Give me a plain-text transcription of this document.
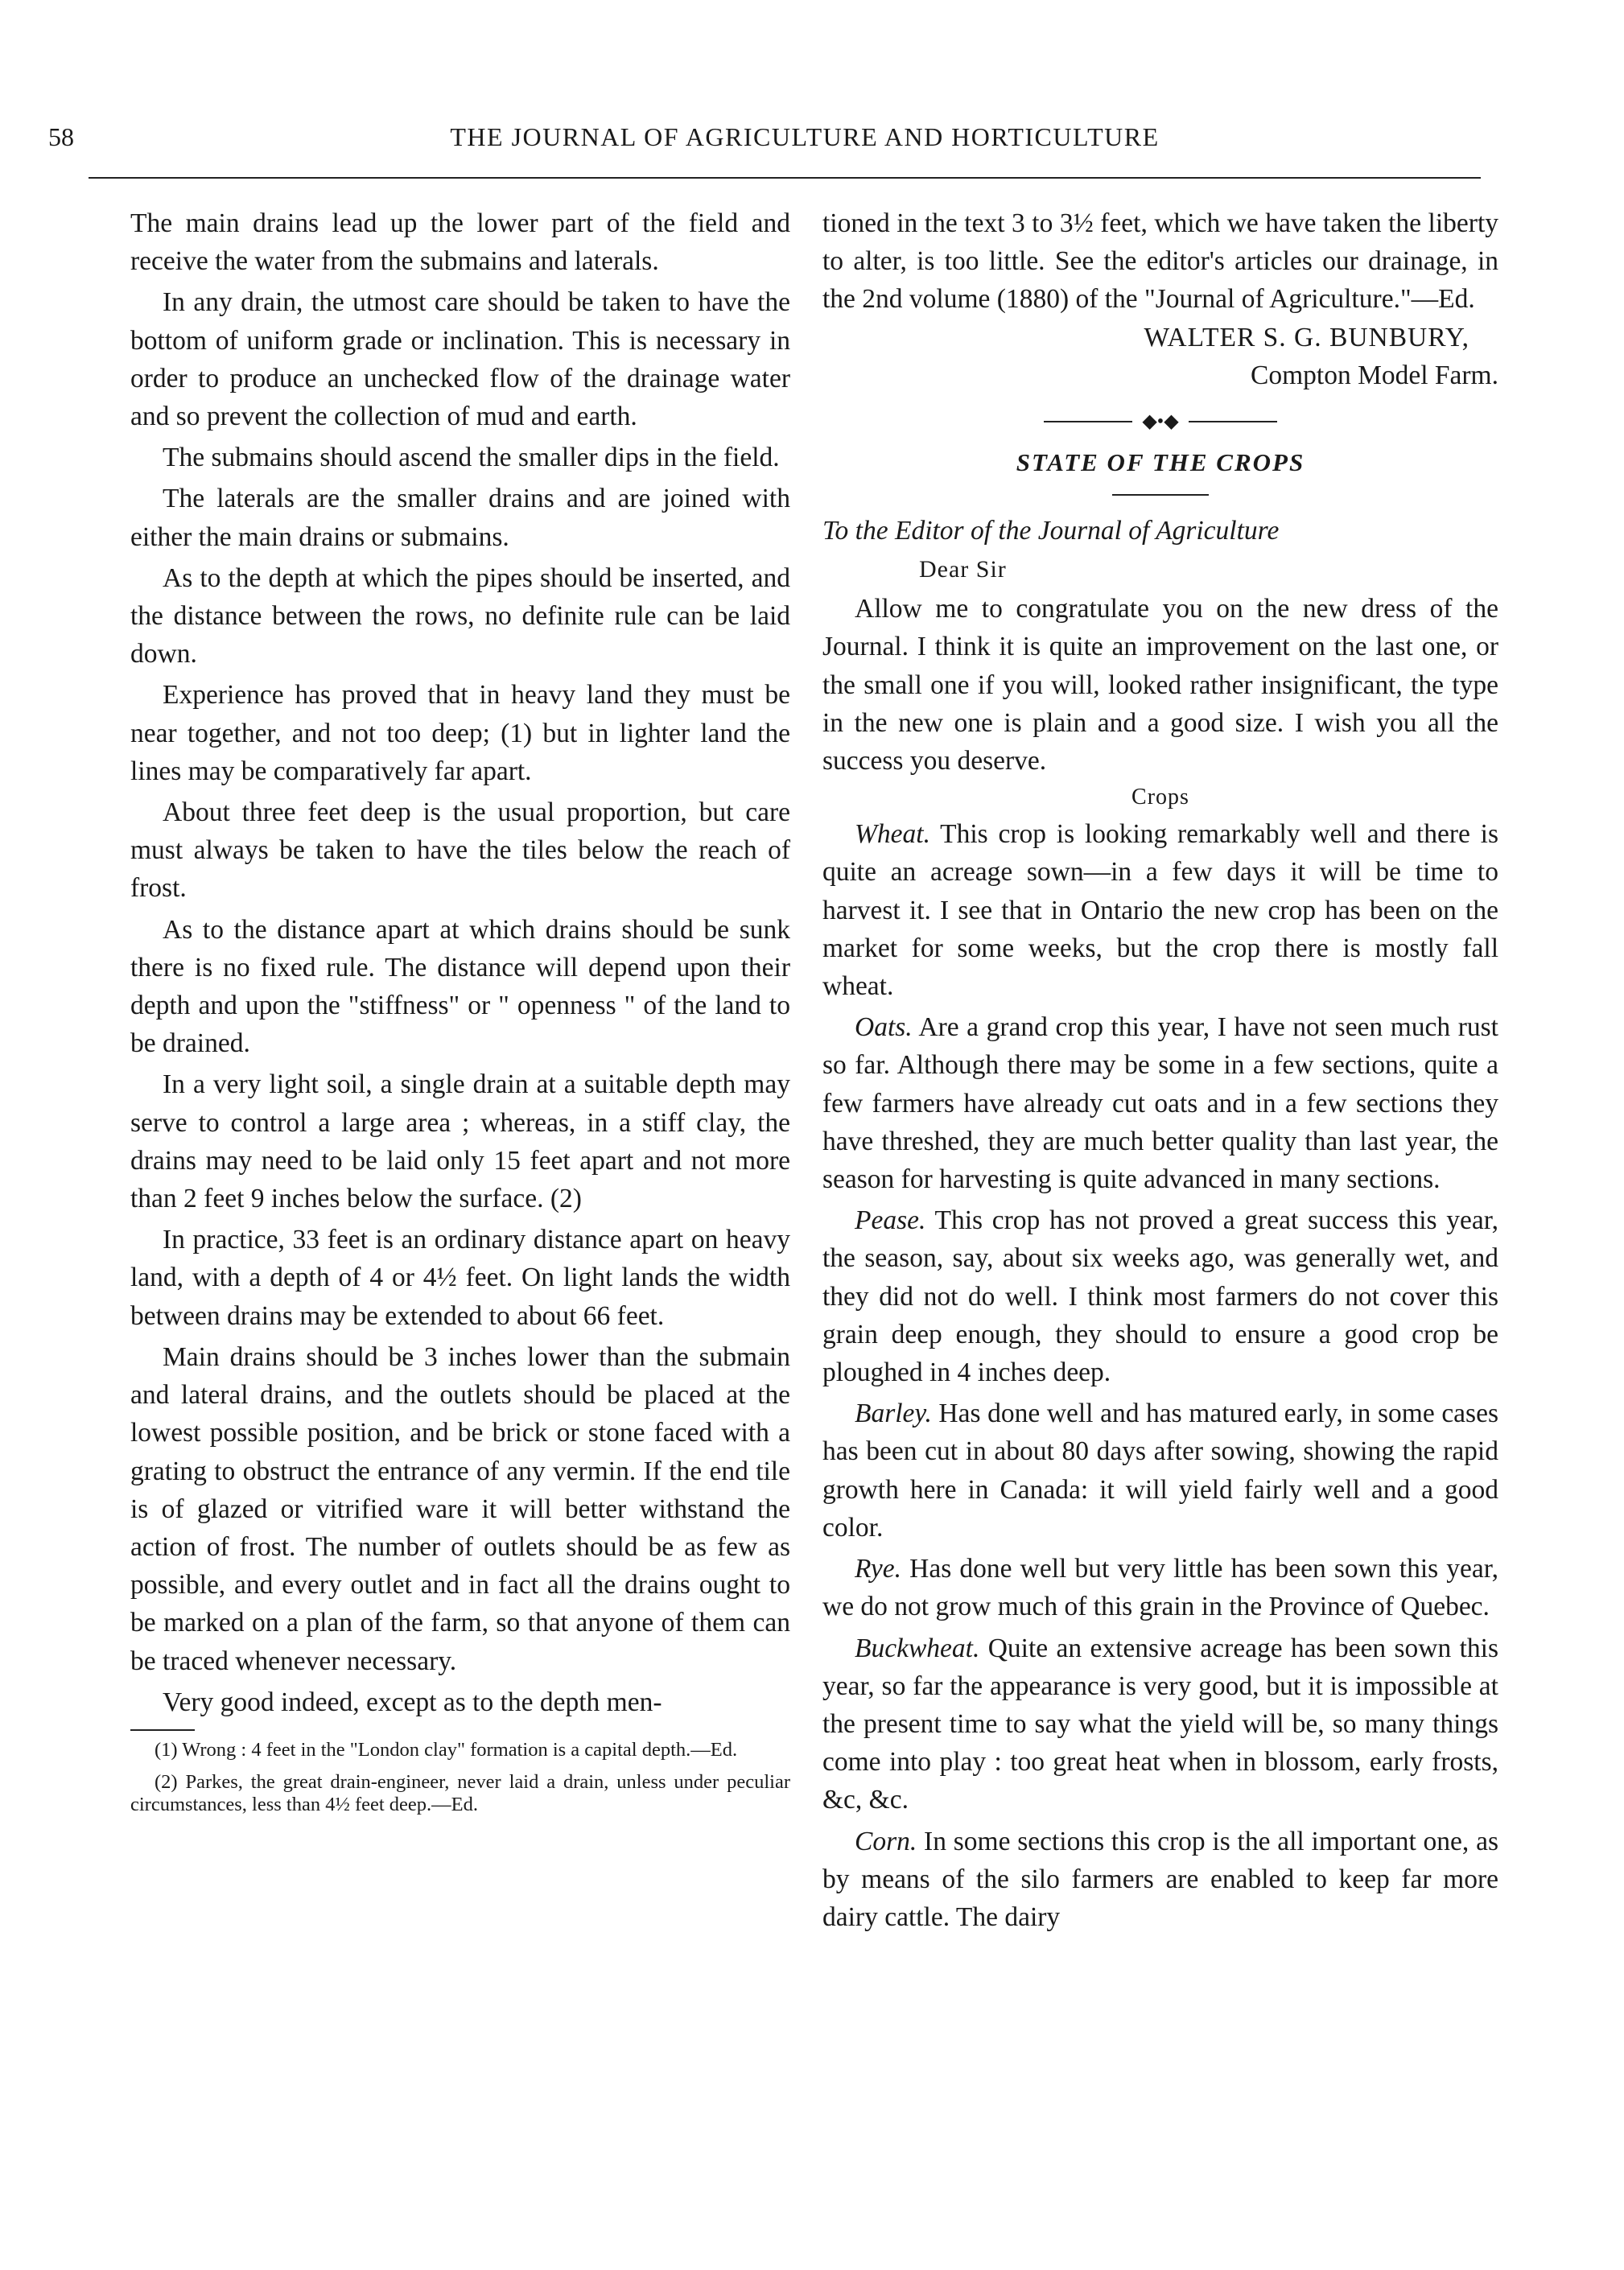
58	THE JOURNAL OF AGRICULTURE AND HORTICULTURE

The main drains lead up the lower part of the field and receive the water from the submains and laterals.

In any drain, the utmost care should be taken to have the bottom of uniform grade or inclination. This is necessary in order to produce an unchecked flow of the drainage water and so prevent the collection of mud and earth.

The submains should ascend the smaller dips in the field.

The laterals are the smaller drains and are joined with either the main drains or submains.

As to the depth at which the pipes should be inserted, and the distance between the rows, no definite rule can be laid down.

Experience has proved that in heavy land they must be near together, and not too deep; (1) but in lighter land the lines may be comparatively far apart.

About three feet deep is the usual proportion, but care must always be taken to have the tiles below the reach of frost.

As to the distance apart at which drains should be sunk there is no fixed rule. The distance will depend upon their depth and upon the "stiffness" or " openness " of the land to be drained.

In a very light soil, a single drain at a suitable depth may serve to control a large area ; whereas, in a stiff clay, the drains may need to be laid only 15 feet apart and not more than 2 feet 9 inches below the surface. (2)

In practice, 33 feet is an ordinary distance apart on heavy land, with a depth of 4 or 4½ feet. On light lands the width between drains may be extended to about 66 feet.

Main drains should be 3 inches lower than the submain and lateral drains, and the outlets should be placed at the lowest possible position, and be brick or stone faced with a grating to obstruct the entrance of any vermin. If the end tile is of glazed or vitrified ware it will better withstand the action of frost. The number of outlets should be as few as possible, and every outlet and in fact all the drains ought to be marked on a plan of the farm, so that anyone of them can be traced whenever necessary.

Very good indeed, except as to the depth men-

(1) Wrong : 4 feet in the "London clay" formation is a capital depth.—Ed.

(2) Parkes, the great drain-engineer, never laid a drain, unless under peculiar circumstances, less than 4½ feet deep.—Ed.

tioned in the text 3 to 3½ feet, which we have taken the liberty to alter, is too little. See the editor's articles our drainage, in the 2nd volume (1880) of the "Journal of Agriculture."—Ed.

WALTER S. G. BUNBURY,
Compton Model Farm.
◆•◆
STATE OF THE CROPS
To the Editor of the Journal of Agriculture
Dear Sir

Allow me to congratulate you on the new dress of the Journal. I think it is quite an improvement on the last one, or the small one if you will, looked rather insignificant, the type in the new one is plain and a good size. I wish you all the success you deserve.

Crops

Wheat. This crop is looking remarkably well and there is quite an acreage sown—in a few days it will be time to harvest it. I see that in Ontario the new crop has been on the market for some weeks, but the crop there is mostly fall wheat.

Oats. Are a grand crop this year, I have not seen much rust so far. Although there may be some in a few sections, quite a few farmers have already cut oats and in a few sections they have threshed, they are much better quality than last year, the season for harvesting is quite advanced in many sections.

Pease. This crop has not proved a great success this year, the season, say, about six weeks ago, was generally wet, and they did not do well. I think most farmers do not cover this grain deep enough, they should to ensure a good crop be ploughed in 4 inches deep.

Barley. Has done well and has matured early, in some cases has been cut in about 80 days after sowing, showing the rapid growth here in Canada: it will yield fairly well and a good color.

Rye. Has done well but very little has been sown this year, we do not grow much of this grain in the Province of Quebec.

Buckwheat. Quite an extensive acreage has been sown this year, so far the appearance is very good, but it is impossible at the present time to say what the yield will be, so many things come into play : too great heat when in blossom, early frosts, &c, &c.

Corn. In some sections this crop is the all important one, as by means of the silo farmers are enabled to keep far more dairy cattle. The dairy
